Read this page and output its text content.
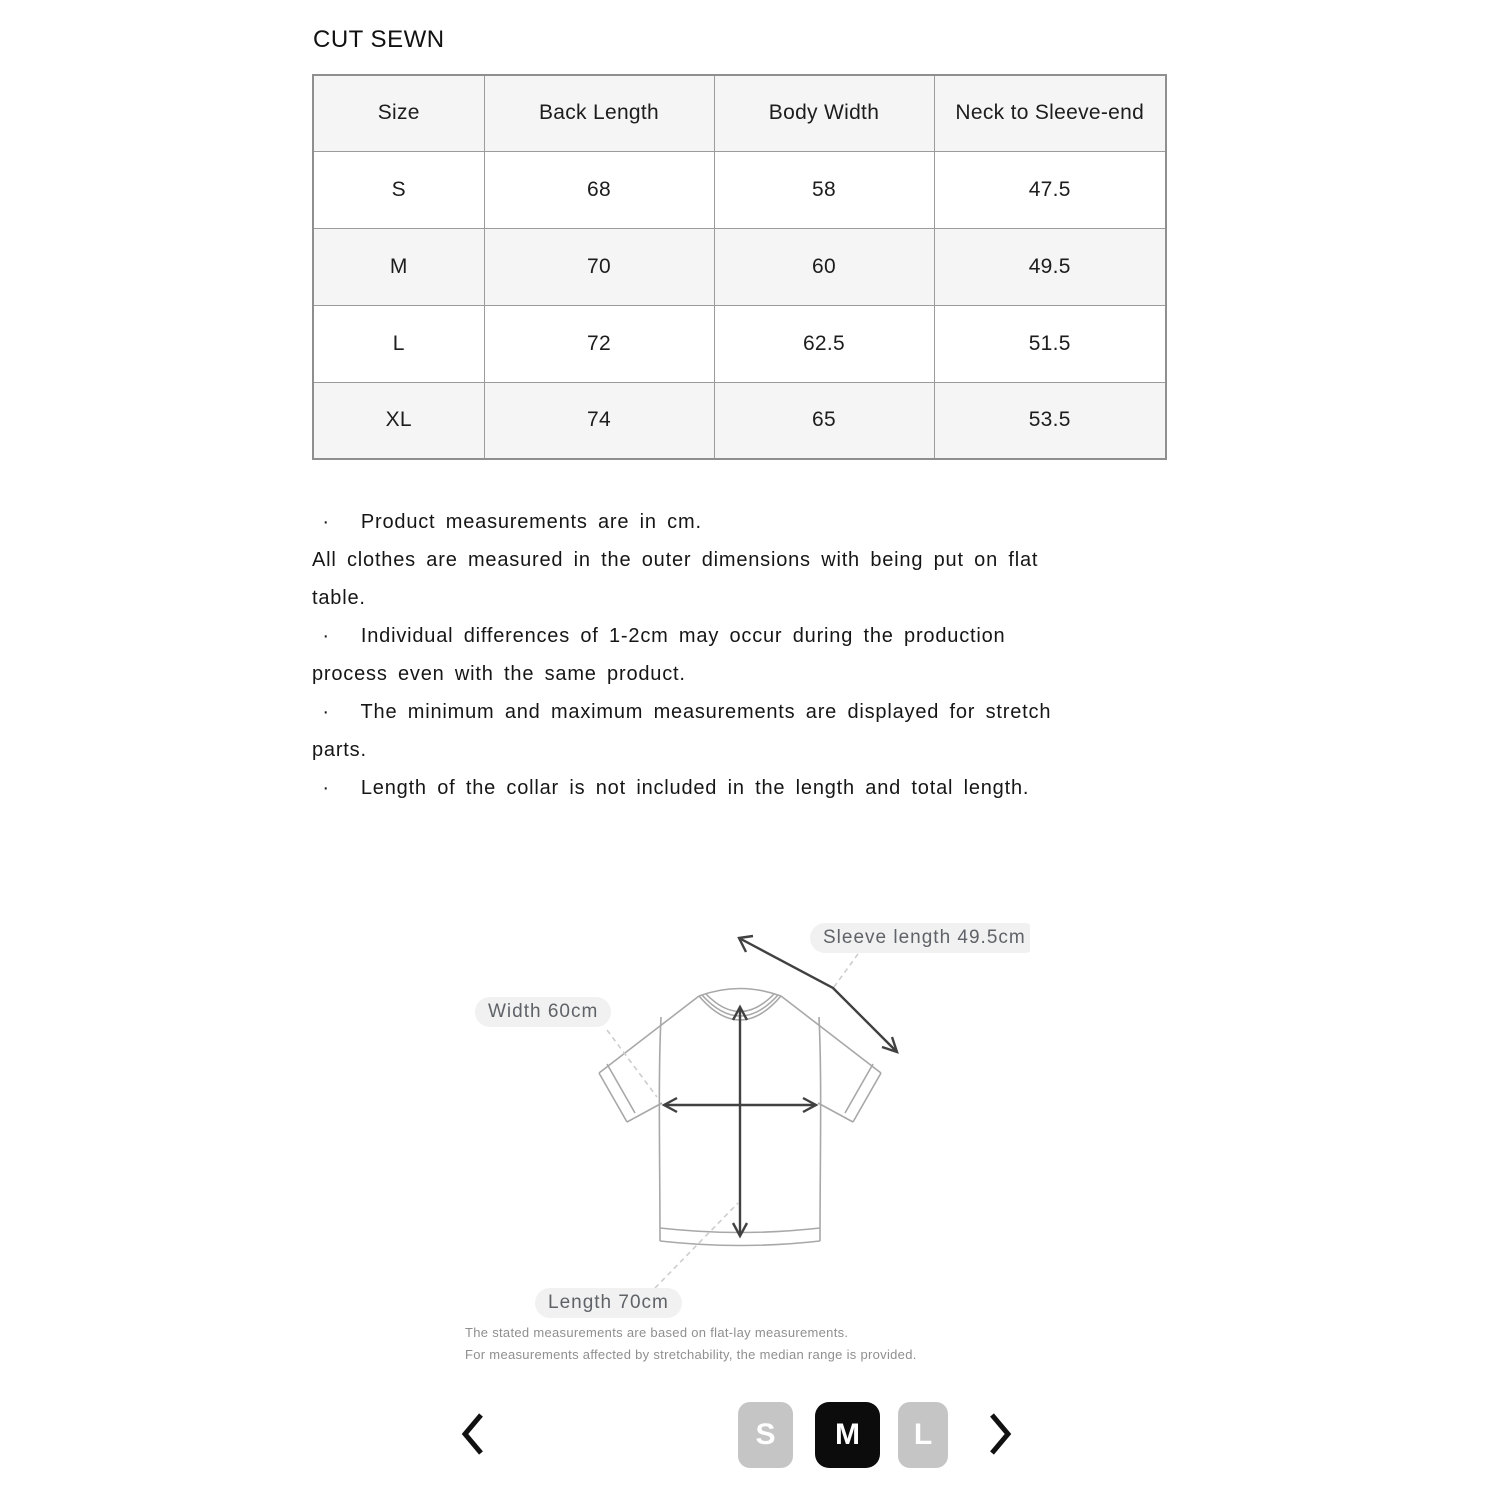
CUT SEWN
Size	Back Length	Body Width	Neck to Sleeve-end
S	68	58	47.5
M	70	60	49.5
L	72	62.5	51.5
XL	74	65	53.5
·   Product measurements are in cm.
All clothes are measured in the outer dimensions with being put on flat
table.
·   Individual differences of 1-2cm may occur during the production
process even with the same product.
·   The minimum and maximum measurements are displayed for stretch
parts.
·   Length of the collar is not included in the length and total length.
Width 60cm
Sleeve length 49.5cm
Length 70cm
The stated measurements are based on flat-lay measurements.
For measurements affected by stretchability, the median range is provided.
S	M	L
